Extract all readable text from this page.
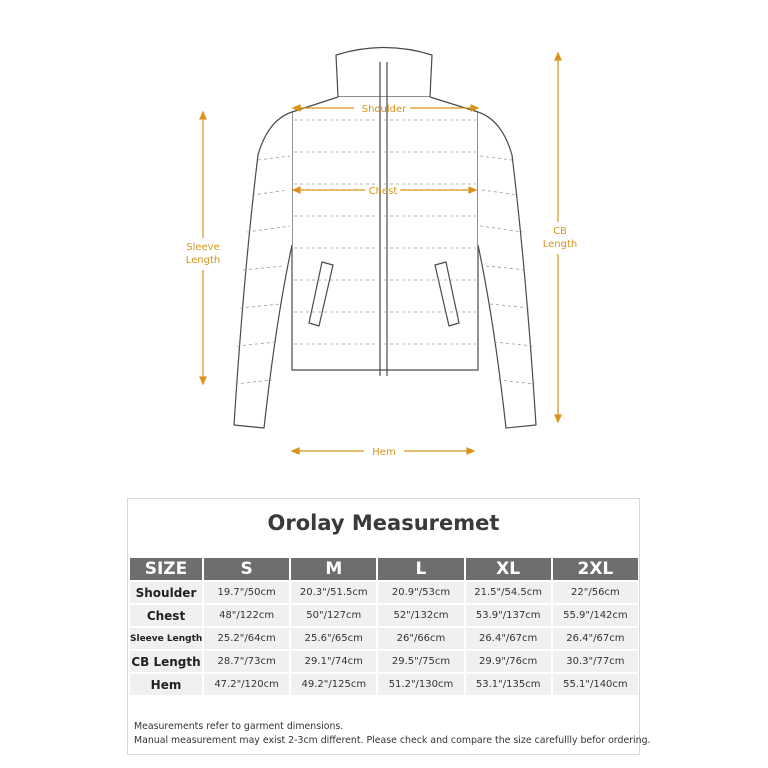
Shoulder
Chest
Sleeve
Length
CB
Length
Hem
Orolay Measuremet
SIZE	S	M	L	XL	2XL
Shoulder	19.7"/50cm	20.3"/51.5cm	20.9"/53cm	21.5"/54.5cm	22"/56cm
Chest	48"/122cm	50"/127cm	52"/132cm	53.9"/137cm	55.9"/142cm
Sleeve Length	25.2"/64cm	25.6"/65cm	26"/66cm	26.4"/67cm	26.4"/67cm
CB Length	28.7"/73cm	29.1"/74cm	29.5"/75cm	29.9"/76cm	30.3"/77cm
Hem	47.2"/120cm	49.2"/125cm	51.2"/130cm	53.1"/135cm	55.1"/140cm
Measurements refer to garment dimensions.
Manual measurement may exist 2-3cm different. Please check and compare the size carefullly befor ordering.
